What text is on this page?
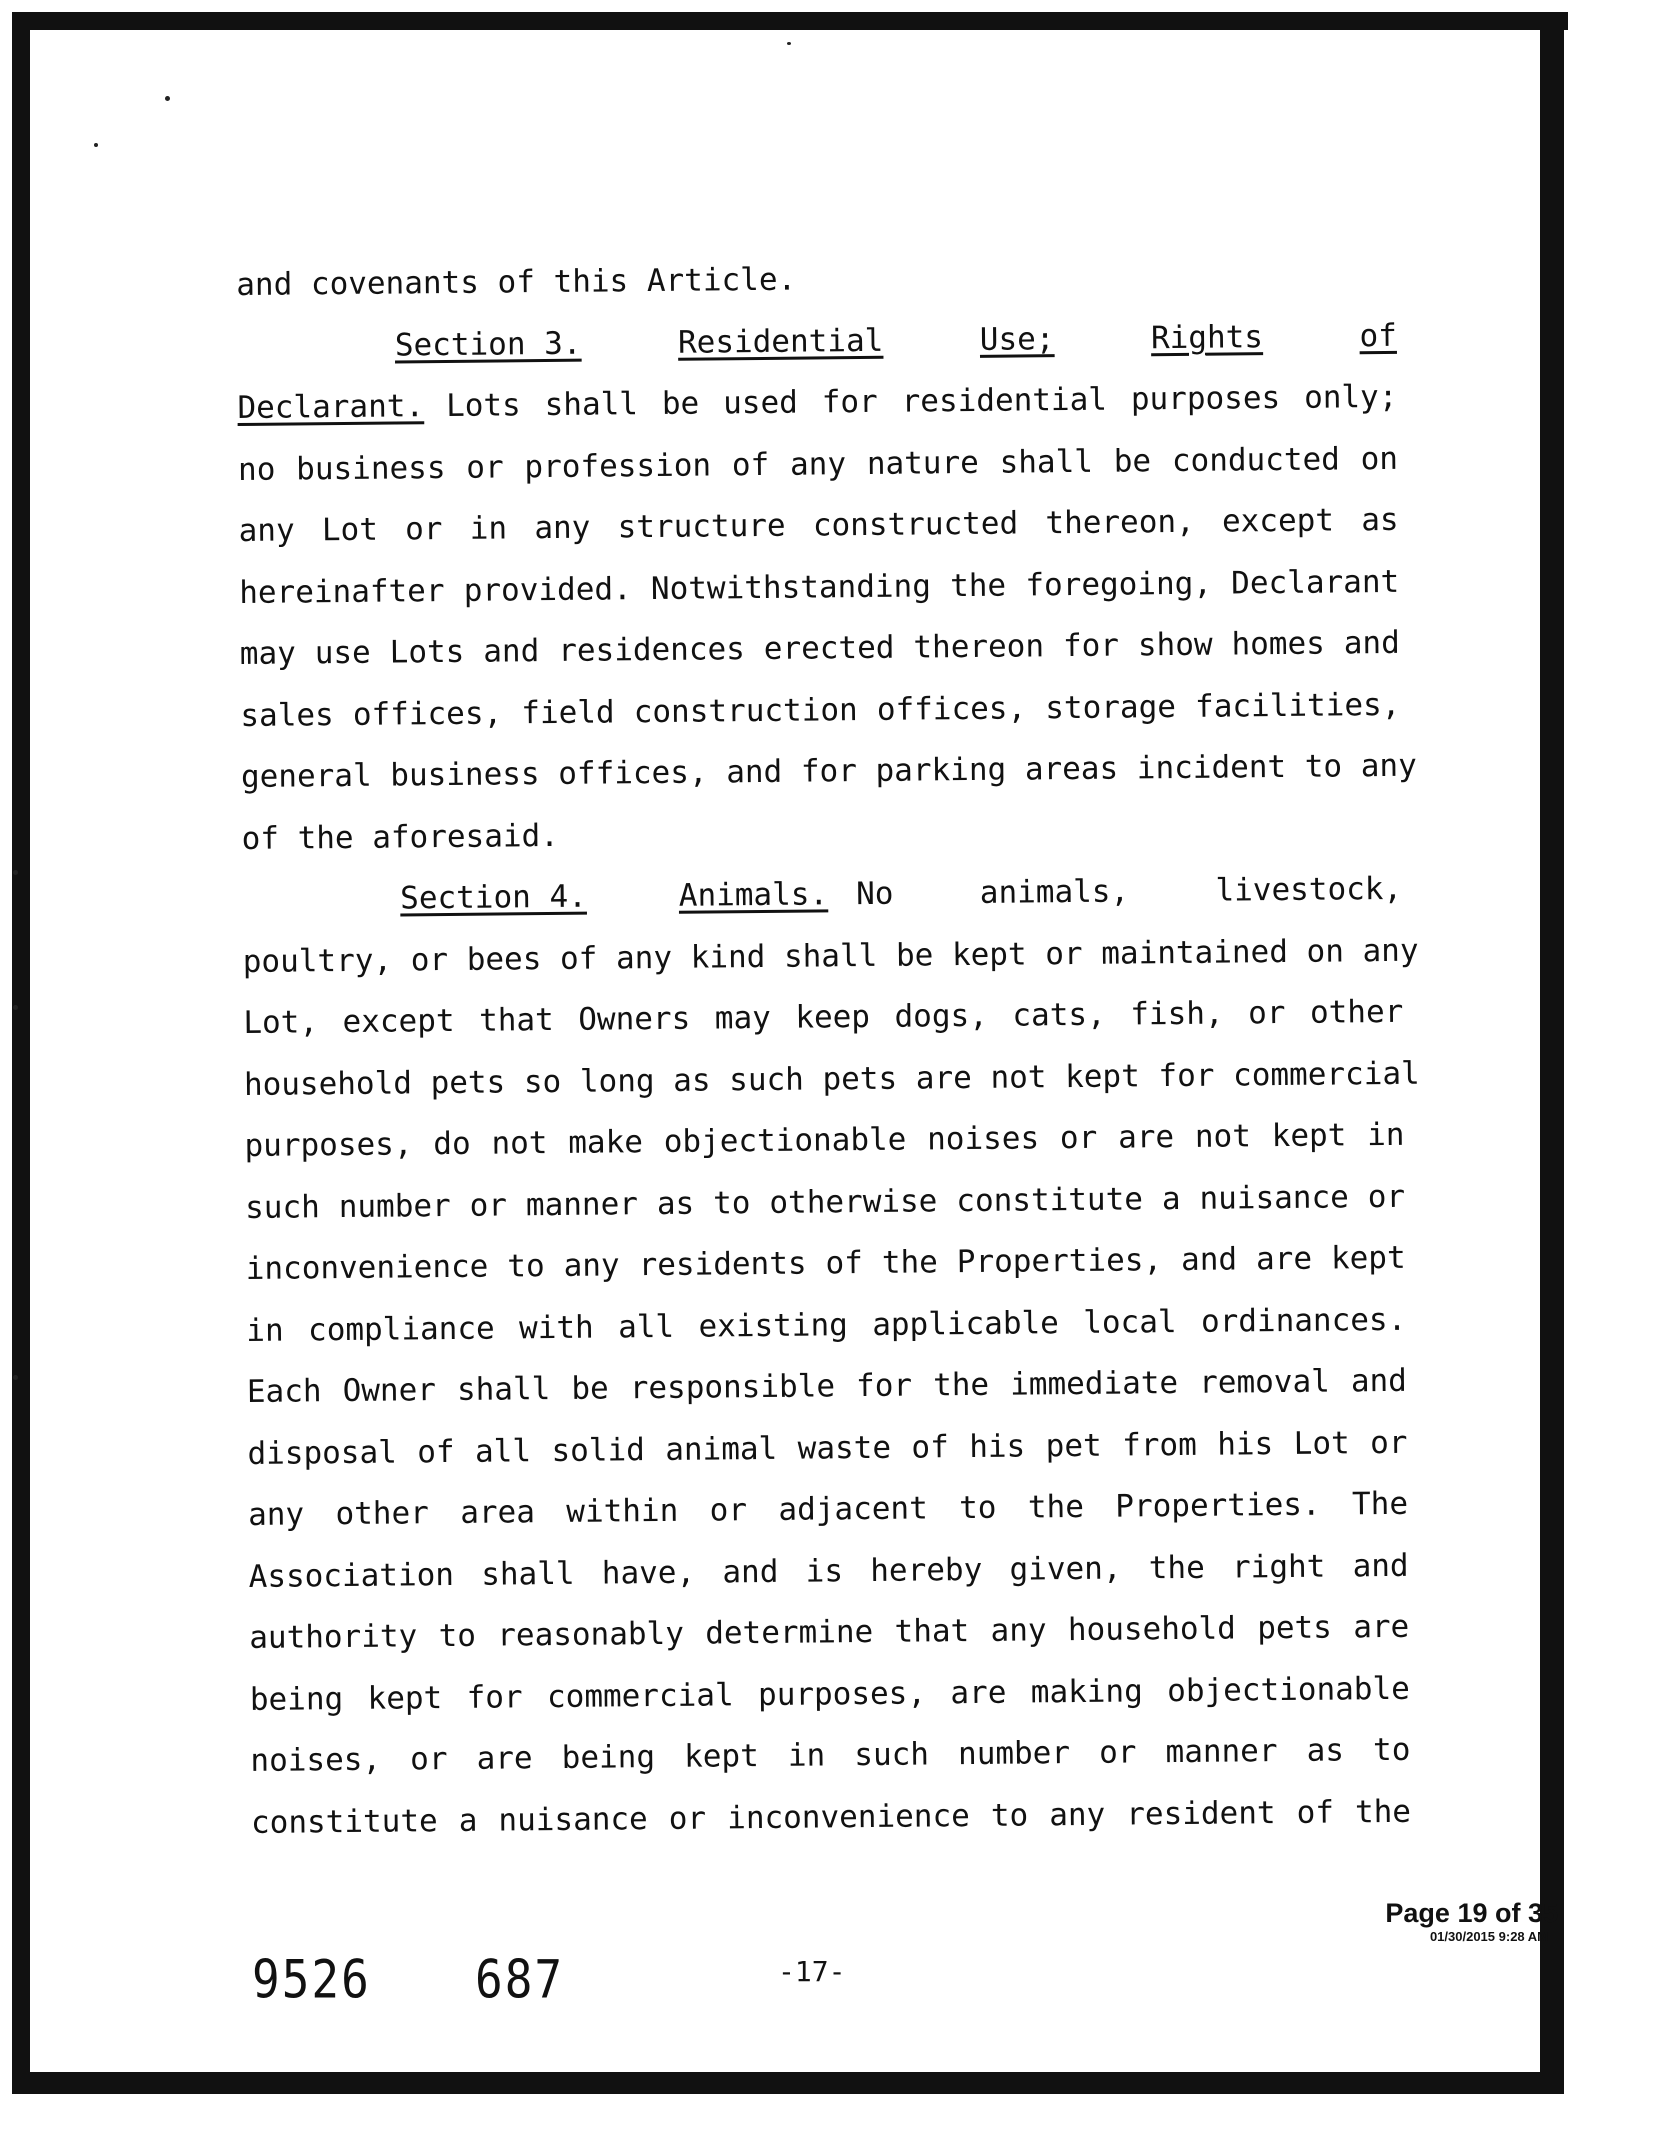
and covenants of this Article.
Section 3.	Residential	Use;	Rights	of
Declarant. Lots shall be used for residential purposes only;
no business or profession of any nature shall be conducted on
any Lot or in any structure constructed thereon, except as
hereinafter provided. Notwithstanding the foregoing, Declarant
may use Lots and residences erected thereon for show homes and
sales offices, field construction offices, storage facilities,
general business offices, and for parking areas incident to any
of the aforesaid.
Section 4.	Animals. No animals, livestock,
poultry, or bees of any kind shall be kept or maintained on any
Lot, except that Owners may keep dogs, cats, fish, or other
household pets so long as such pets are not kept for commercial
purposes, do not make objectionable noises or are not kept in
such number or manner as to otherwise constitute a nuisance or
inconvenience to any residents of the Properties, and are kept
in compliance with all existing applicable local ordinances.
Each Owner shall be responsible for the immediate removal and
disposal of all solid animal waste of his pet from his Lot or
any other area within or adjacent to the Properties. The
Association shall have, and is hereby given, the right and
authority to reasonably determine that any household pets are
being kept for commercial purposes, are making objectionable
noises, or are being kept in such number or manner as to
constitute a nuisance or inconvenience to any resident of the
Page 19 of 35
01/30/2015 9:28 AM
9526 687	-17-
